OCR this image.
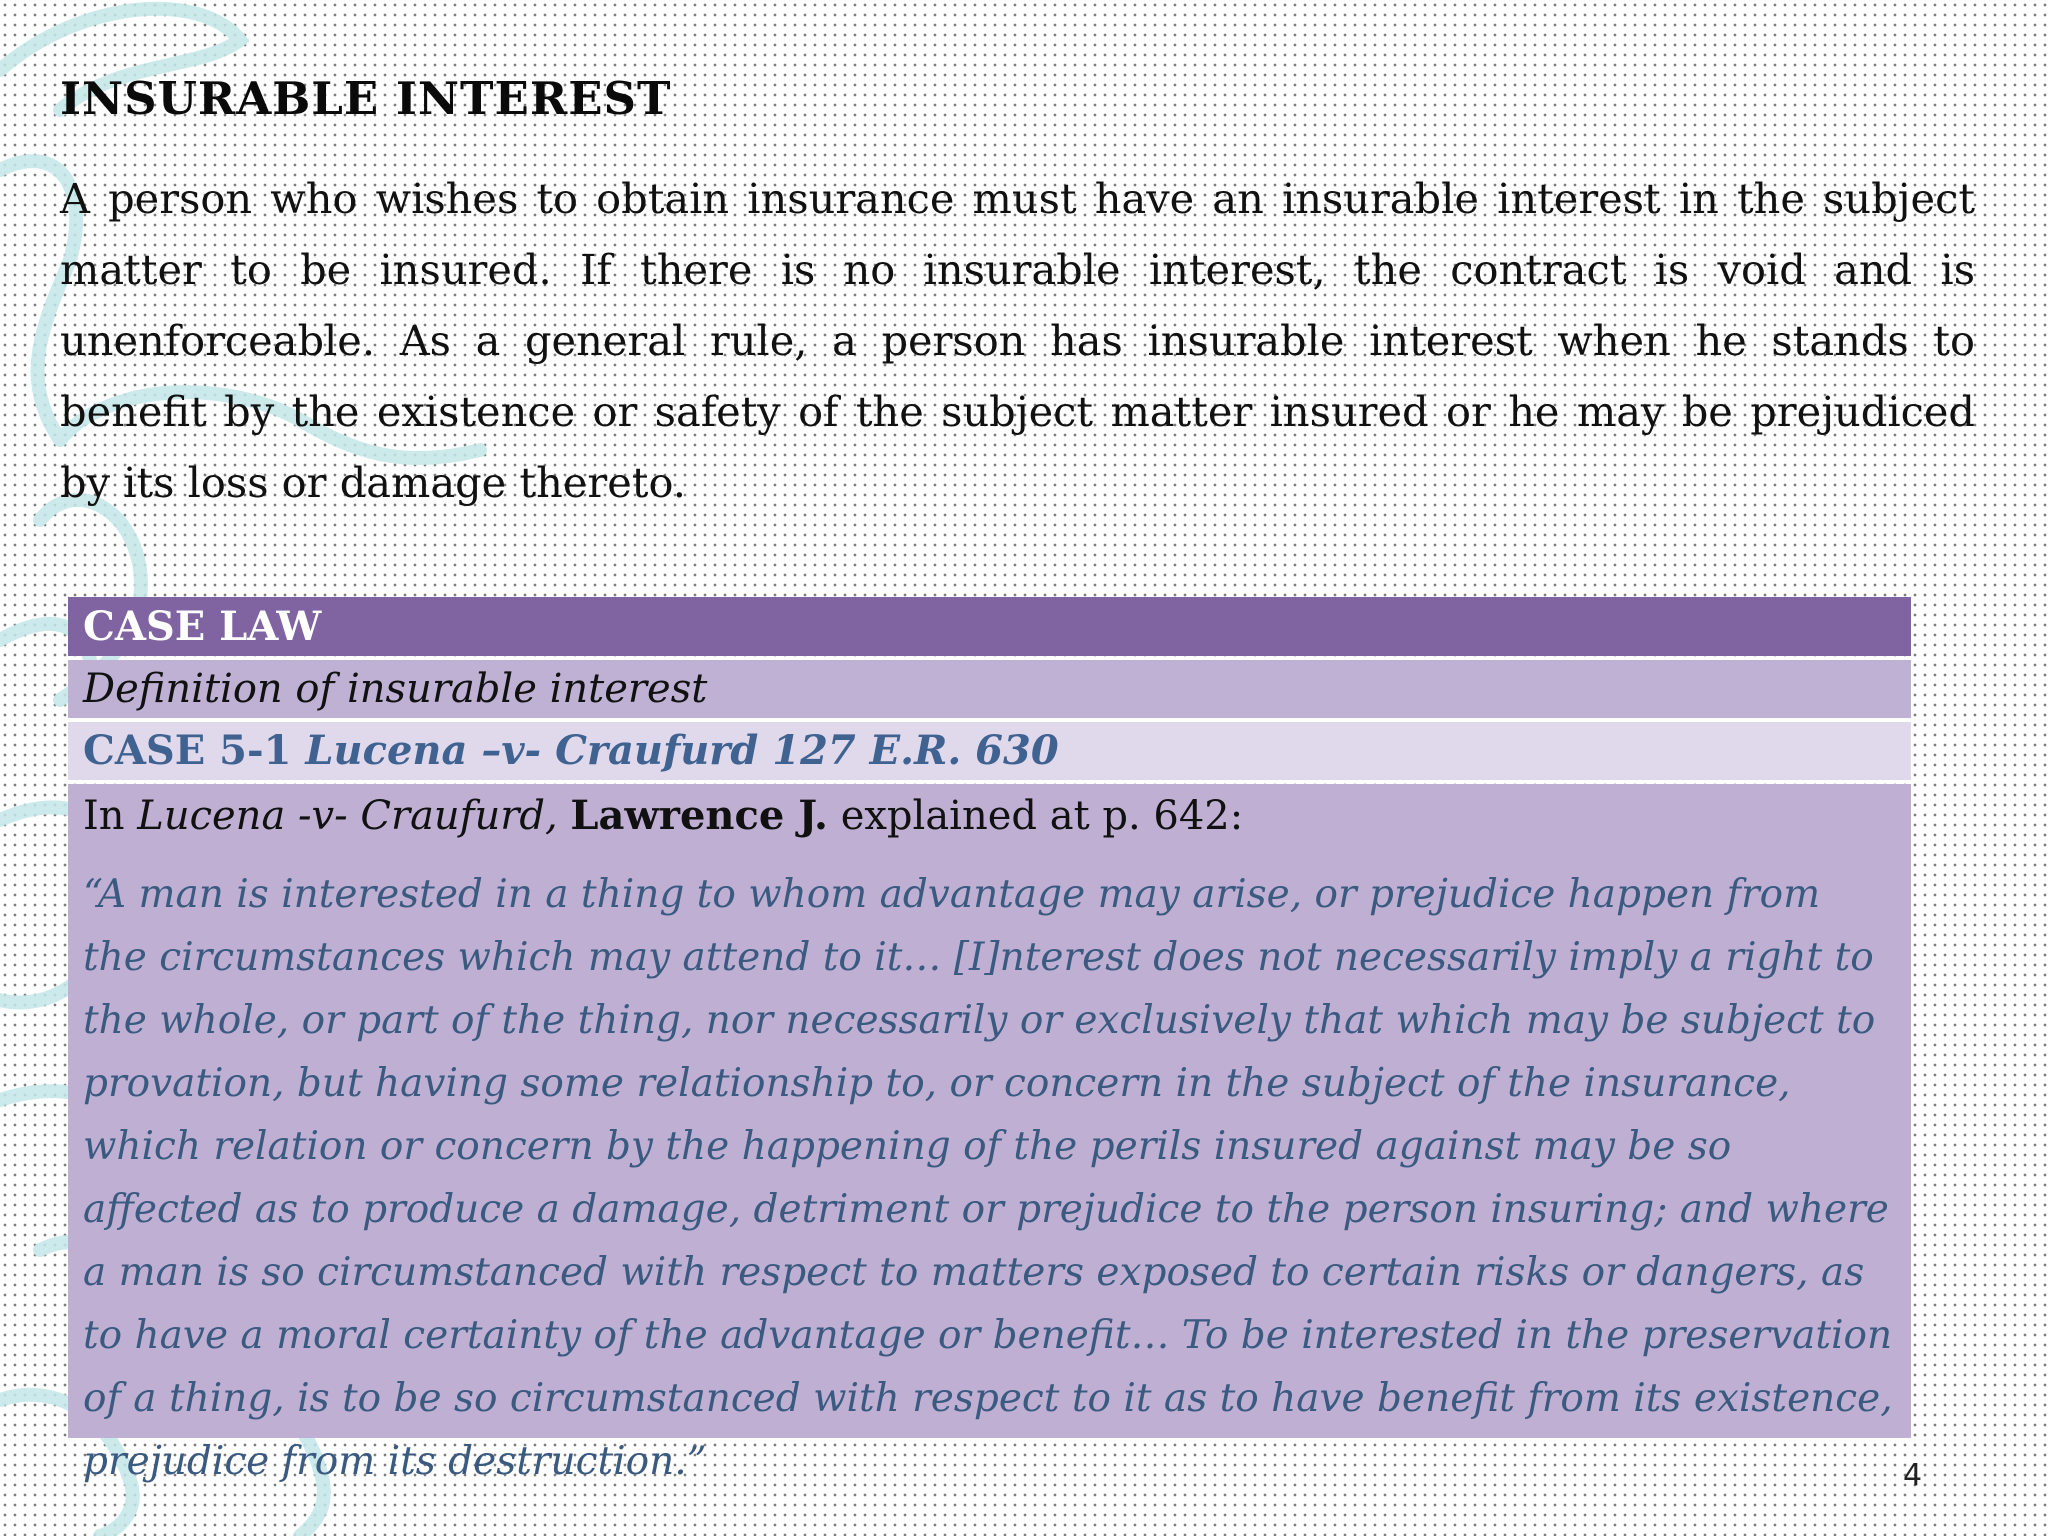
INSURABLE INTEREST

A person who wishes to obtain insurance must have an insurable interest in the subject matter to be insured. If there is no insurable interest, the contract is void and is unenforceable. As a general rule, a person has insurable interest when he stands to benefit by the existence or safety of the subject matter insured or he may be prejudiced by its loss or damage thereto.

CASE LAW
Definition of insurable interest
CASE 5-1 Lucena –v- Craufurd 127 E.R. 630

In Lucena -v- Craufurd, Lawrence J. explained at p. 642:

“A man is interested in a thing to whom advantage may arise, or prejudice happen from the circumstances which may attend to it… [I]nterest does not necessarily imply a right to the whole, or part of the thing, nor necessarily or exclusively that which may be subject to provation, but having some relationship to, or concern in the subject of the insurance, which relation or concern by the happening of the perils insured against may be so affected as to produce a damage, detriment or prejudice to the person insuring; and where a man is so circumstanced with respect to matters exposed to certain risks or dangers, as to have a moral certainty of the advantage or benefit… To be interested in the preservation of a thing, is to be so circumstanced with respect to it as to have benefit from its existence, prejudice from its destruction.”	4
